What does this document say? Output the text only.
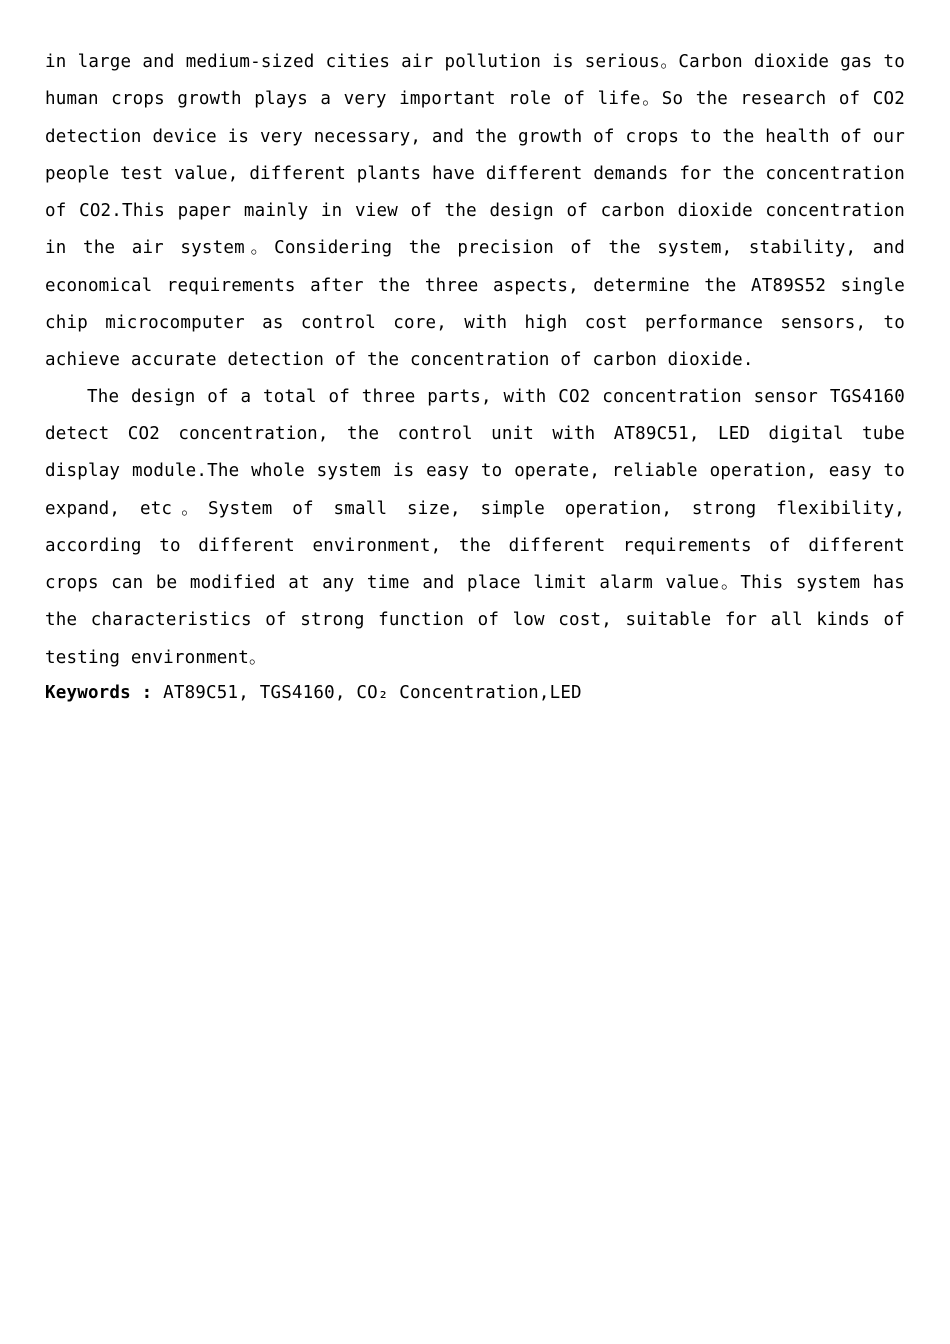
in large and medium-sized cities air pollution is serious。Carbon dioxide gas to human crops growth plays a very important role of life。So the research of CO2 detection device is very necessary, and the growth of crops to the health of our people test value, different plants have different demands for the concentration of CO2.This paper mainly in view of the design of carbon dioxide concentration in the air system。Considering the precision of the system, stability, and economical requirements after the three aspects, determine the AT89S52 single chip microcomputer as control core, with high cost performance sensors, to achieve accurate detection of the concentration of carbon dioxide.

The design of a total of three parts, with CO2 concentration sensor TGS4160 detect CO2 concentration, the control unit with AT89C51, LED digital tube display module.The whole system is easy to operate, reliable operation, easy to expand, etc。System of small size, simple operation, strong flexibility, according to different environment, the different requirements of different crops can be modified at any time and place limit alarm value。This system has the characteristics of strong function of low cost, suitable for all kinds of testing environment。

Keywords : AT89C51, TGS4160, CO₂ Concentration,LED
